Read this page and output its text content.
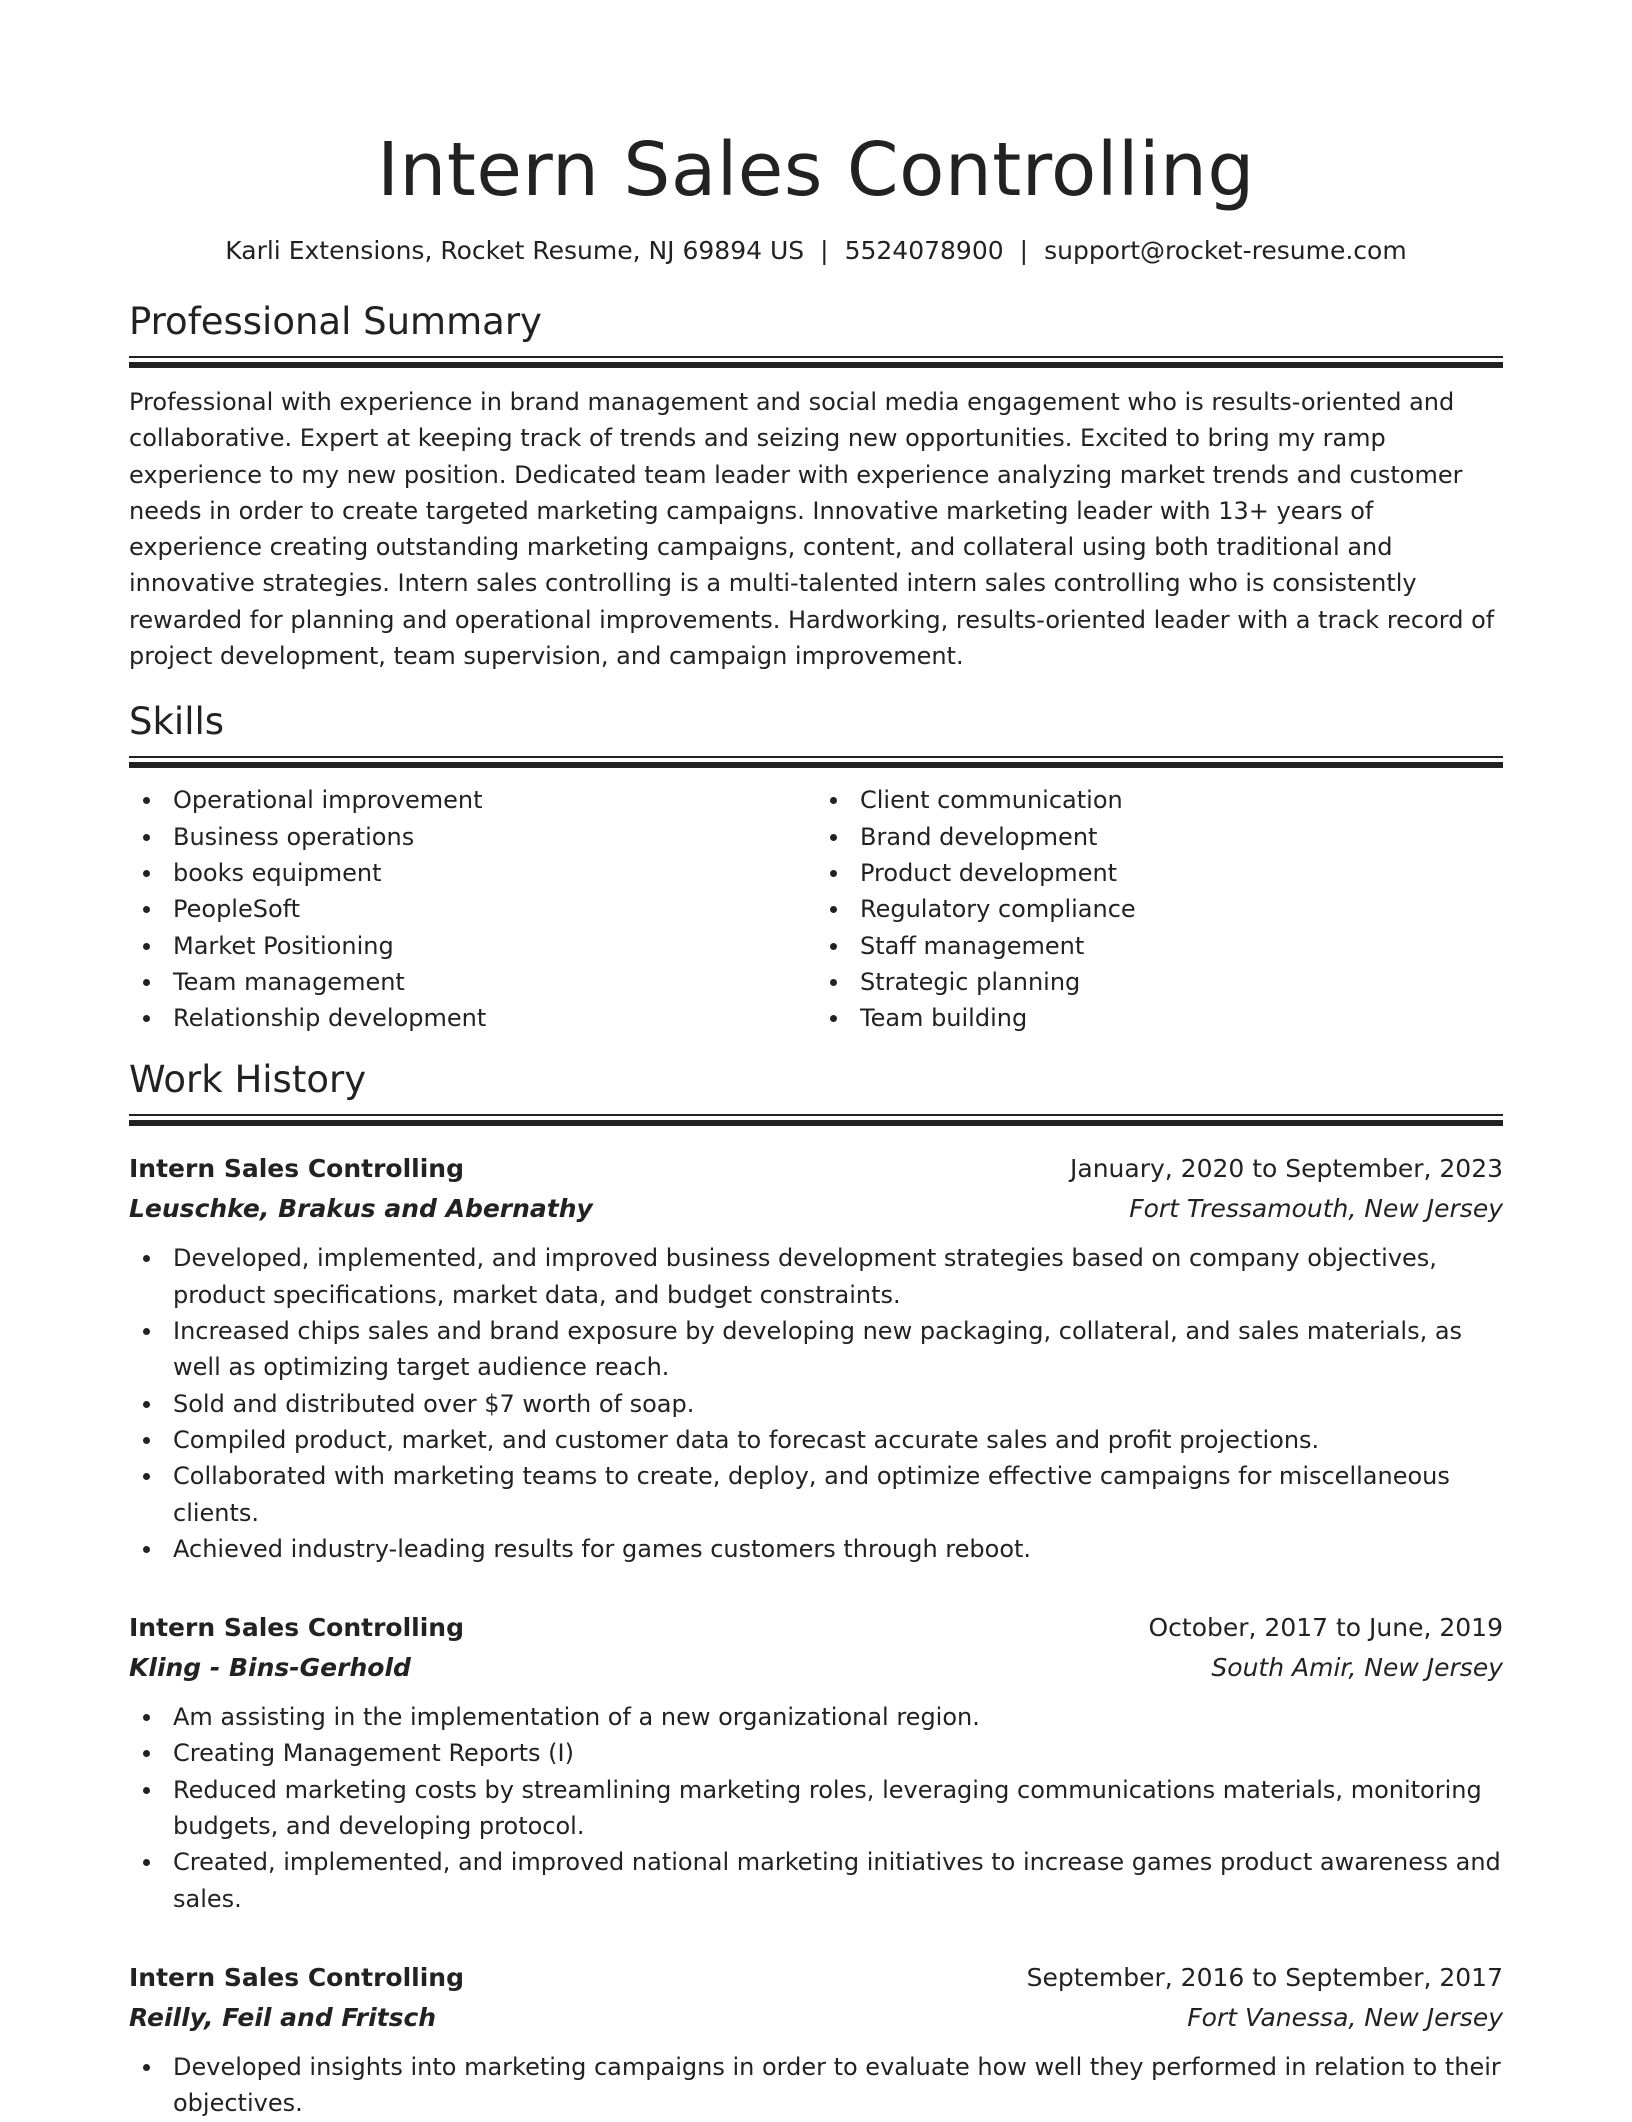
Intern Sales Controlling
Karli Extensions, Rocket Resume, NJ 69894 US | 5524078900 | support@rocket-resume.com
Professional Summary

Professional with experience in brand management and social media engagement who is results-oriented and collaborative. Expert at keeping track of trends and seizing new opportunities. Excited to bring my ramp experience to my new position. Dedicated team leader with experience analyzing market trends and customer needs in order to create targeted marketing campaigns. Innovative marketing leader with 13+ years of experience creating outstanding marketing campaigns, content, and collateral using both traditional and innovative strategies. Intern sales controlling is a multi-talented intern sales controlling who is consistently rewarded for planning and operational improvements. Hardworking, results-oriented leader with a track record of project development, team supervision, and campaign improvement.

Skills
Operational improvement
Business operations
books equipment
PeopleSoft
Market Positioning
Team management
Relationship development
Client communication
Brand development
Product development
Regulatory compliance
Staff management
Strategic planning
Team building
Work History
Intern Sales Controlling	January, 2020 to September, 2023
Leuschke, Brakus and Abernathy	Fort Tressamouth, New Jersey
Developed, implemented, and improved business development strategies based on company objectives, product specifications, market data, and budget constraints.
Increased chips sales and brand exposure by developing new packaging, collateral, and sales materials, as well as optimizing target audience reach.
Sold and distributed over $7 worth of soap.
Compiled product, market, and customer data to forecast accurate sales and profit projections.
Collaborated with marketing teams to create, deploy, and optimize effective campaigns for miscellaneous clients.
Achieved industry-leading results for games customers through reboot.
Intern Sales Controlling	October, 2017 to June, 2019
Kling - Bins-Gerhold	South Amir, New Jersey
Am assisting in the implementation of a new organizational region.
Creating Management Reports (I)
Reduced marketing costs by streamlining marketing roles, leveraging communications materials, monitoring budgets, and developing protocol.
Created, implemented, and improved national marketing initiatives to increase games product awareness and sales.
Intern Sales Controlling	September, 2016 to September, 2017
Reilly, Feil and Fritsch	Fort Vanessa, New Jersey
Developed insights into marketing campaigns in order to evaluate how well they performed in relation to their objectives.
